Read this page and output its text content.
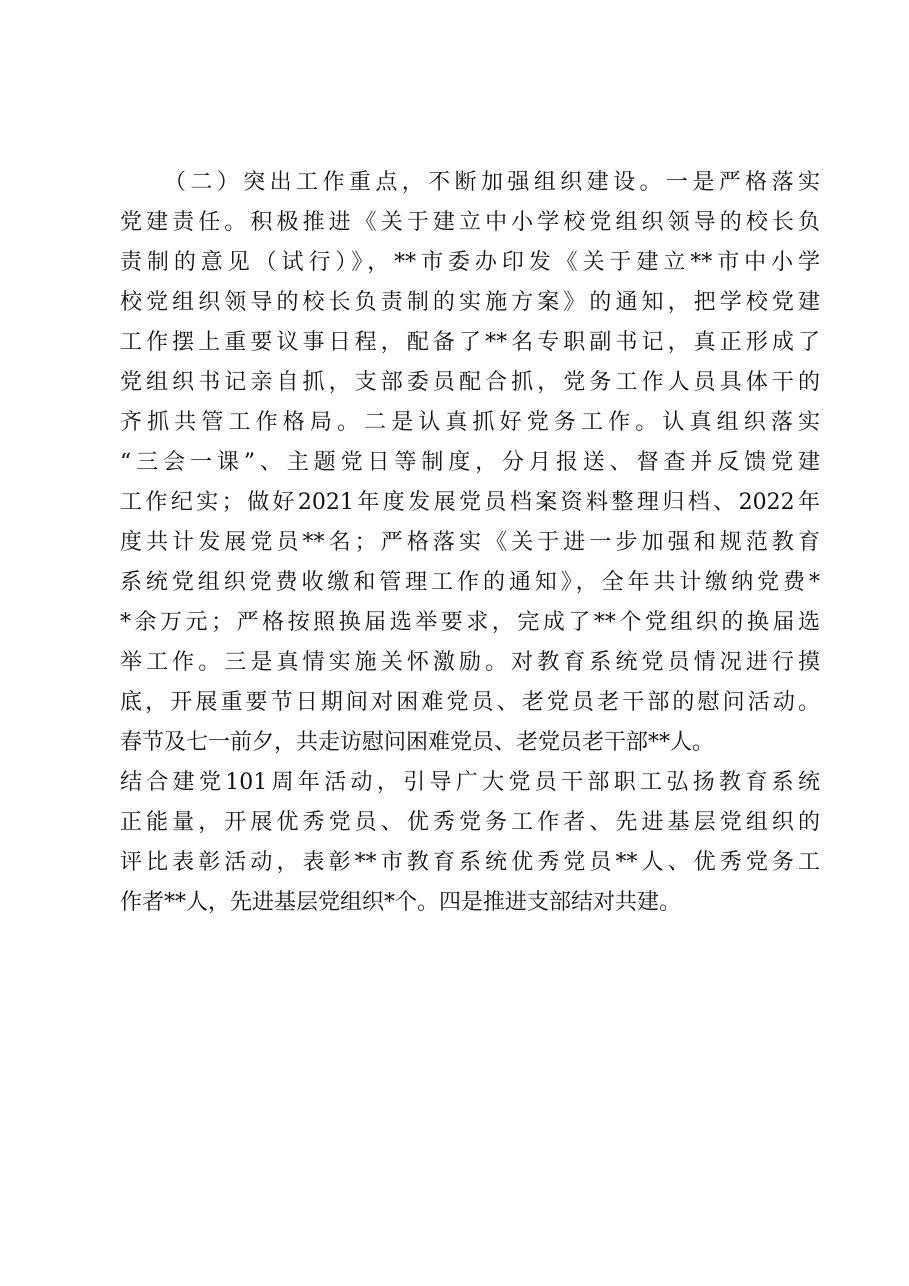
（二）突出工作重点，不断加强组织建设。一是严格落实
党建责任。积极推进《关于建立中小学校党组织领导的校长负
责制的意见（试行）》，**市委办印发《关于建立**市中小学
校党组织领导的校长负责制的实施方案》的通知，把学校党建
工作摆上重要议事日程，配备了**名专职副书记，真正形成了
党组织书记亲自抓，支部委员配合抓，党务工作人员具体干的
齐抓共管工作格局。二是认真抓好党务工作。认真组织落实
“三会一课”、主题党日等制度，分月报送、督查并反馈党建
工作纪实；做好2021年度发展党员档案资料整理归档、2022年
度共计发展党员**名；严格落实《关于进一步加强和规范教育
系统党组织党费收缴和管理工作的通知》，全年共计缴纳党费*
*余万元；严格按照换届选举要求，完成了**个党组织的换届选
举工作。三是真情实施关怀激励。对教育系统党员情况进行摸
底，开展重要节日期间对困难党员、老党员老干部的慰问活动。
春节及七一前夕，共走访慰问困难党员、老党员老干部**人。
结合建党101周年活动，引导广大党员干部职工弘扬教育系统
正能量，开展优秀党员、优秀党务工作者、先进基层党组织的
评比表彰活动，表彰**市教育系统优秀党员**人、优秀党务工
作者**人，先进基层党组织*个。四是推进支部结对共建。
